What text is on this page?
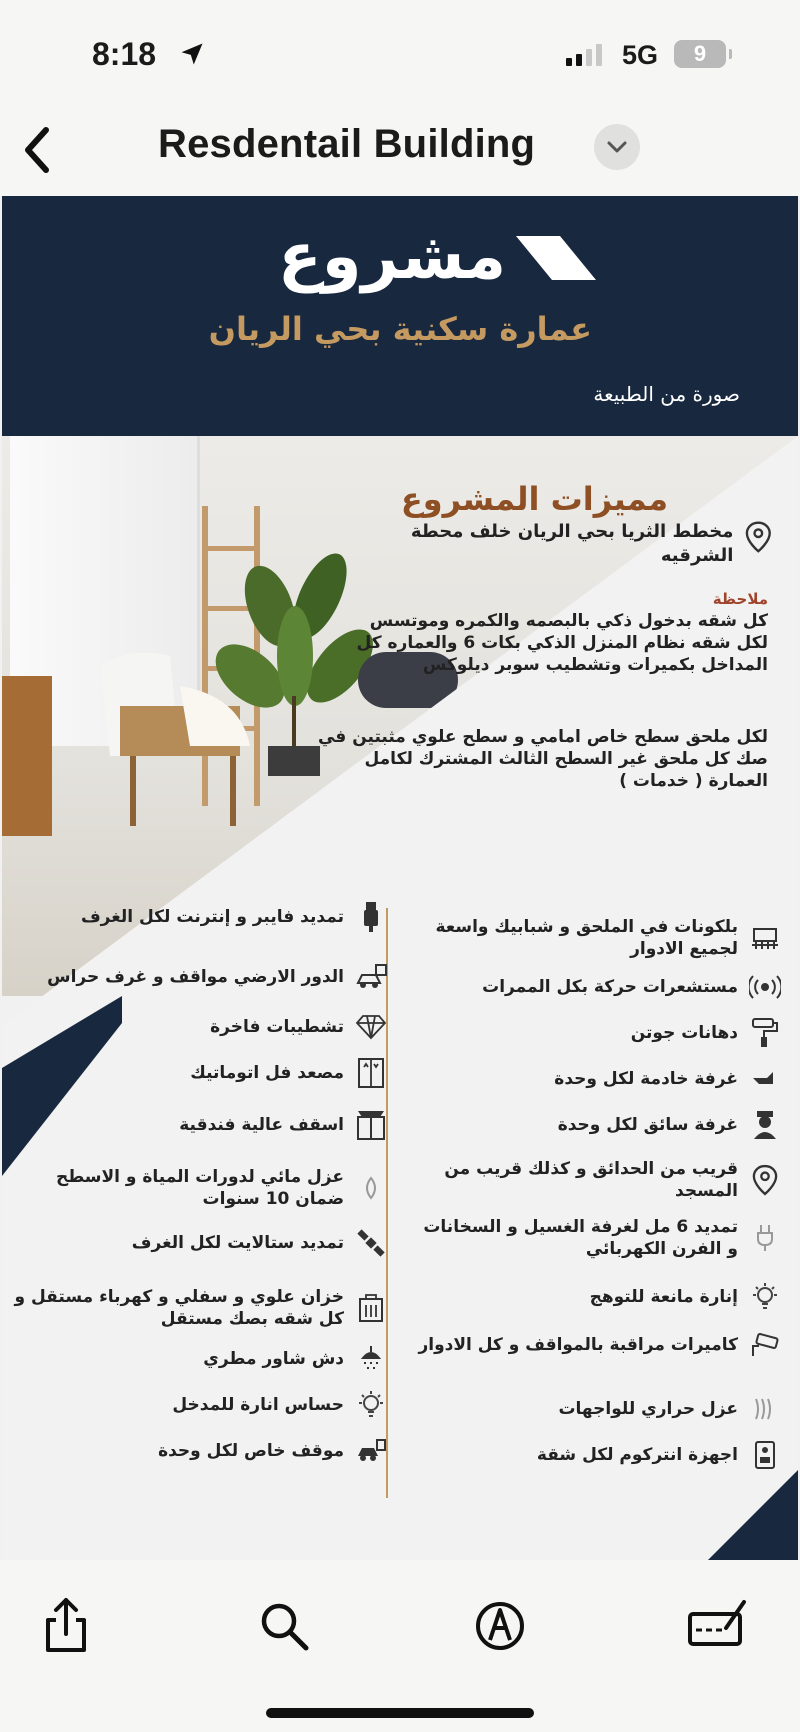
8:18	5G	9
Resdentail Building
مشروع
عمارة سكنية بحي الريان
صورة من الطبيعة
مميزات المشروع
مخطط الثريا بحي الريان خلف محطة الشرقيه
ملاحظة
كل شقه بدخول ذكي بالبصمه والكمره وموتسس لكل شقه نظام المنزل الذكي بكات 6 والعماره كل المداخل بكميرات وتشطيب سوبر ديلوكس
لكل ملحق سطح خاص امامي و سطح علوي مثبتين في صك كل ملحق غير السطح الثالث المشترك لكامل العمارة ( خدمات )
بلكونات في الملحق و شبابيك واسعة لجميع الادوار
مستشعرات حركة بكل الممرات
دهانات جوتن
غرفة خادمة لكل وحدة
غرفة سائق لكل وحدة
قريب من الحدائق و كذلك قريب من المسجد
تمديد 6 مل لغرفة الغسيل و السخانات و الفرن الكهربائي
إنارة مانعة للتوهج
كاميرات مراقبة بالمواقف و كل الادوار
عزل حراري للواجهات
اجهزة انتركوم لكل شقة
تمديد فايبر و إنترنت لكل الغرف
الدور الارضي مواقف و غرف حراس
تشطيبات فاخرة
مصعد فل اتوماتيك
اسقف عالية فندقية
عزل مائي لدورات المياة و الاسطح ضمان 10 سنوات
تمديد ستالايت لكل الغرف
خزان علوي و سفلي و كهرباء مستقل و كل شقه بصك مستقل
دش شاور مطري
حساس انارة للمدخل
موقف خاص لكل وحدة
